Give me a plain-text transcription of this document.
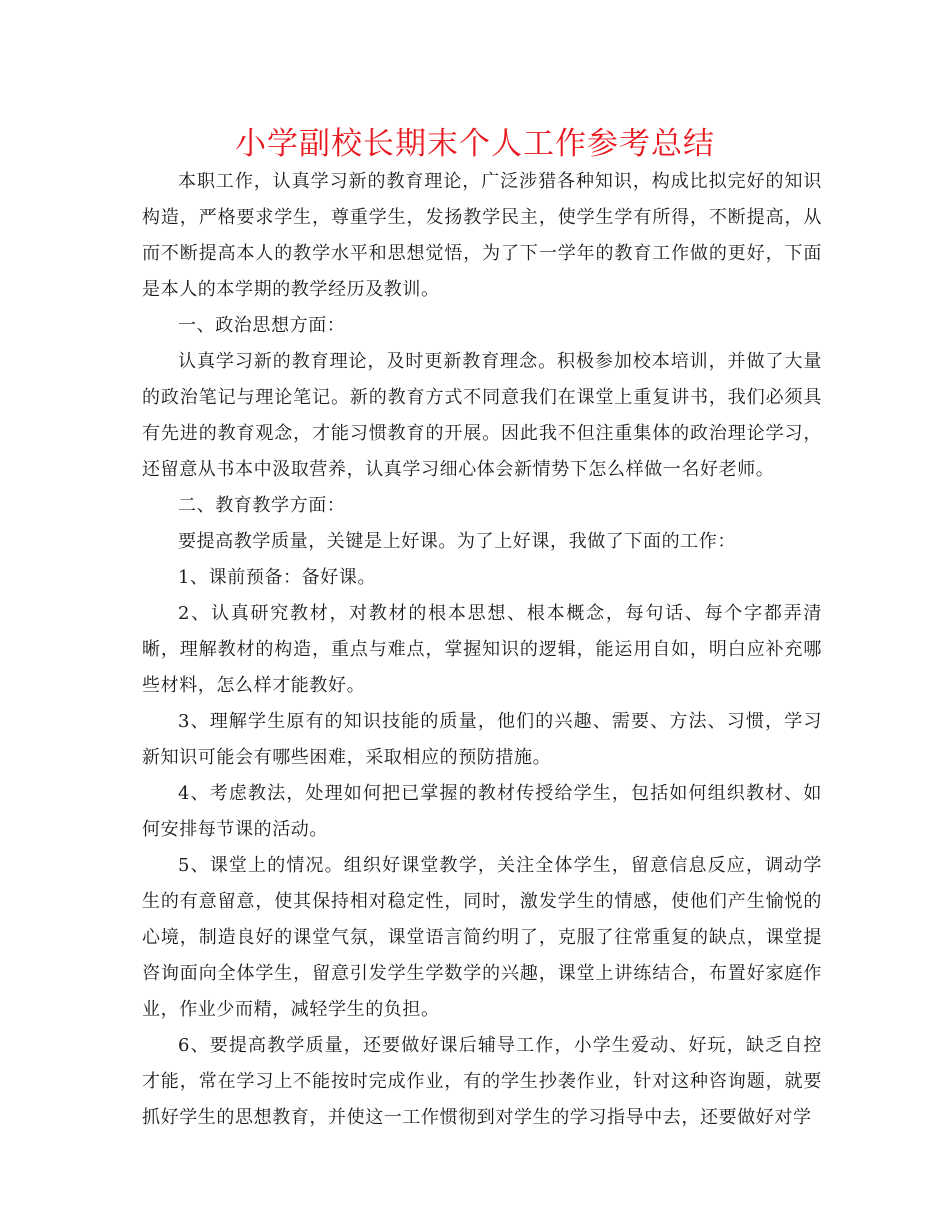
小学副校长期末个人工作参考总结

本职工作，认真学习新的教育理论，广泛涉猎各种知识，构成比拟完好的知识构造，严格要求学生，尊重学生，发扬教学民主，使学生学有所得，不断提高，从而不断提高本人的教学水平和思想觉悟，为了下一学年的教育工作做的更好，下面是本人的本学期的教学经历及教训。

一、政治思想方面：

认真学习新的教育理论，及时更新教育理念。积极参加校本培训，并做了大量的政治笔记与理论笔记。新的教育方式不同意我们在课堂上重复讲书，我们必须具有先进的教育观念，才能习惯教育的开展。因此我不但注重集体的政治理论学习，还留意从书本中汲取营养，认真学习细心体会新情势下怎么样做一名好老师。

二、教育教学方面：

要提高教学质量，关键是上好课。为了上好课，我做了下面的工作：

1、课前预备：备好课。

2、认真研究教材，对教材的根本思想、根本概念，每句话、每个字都弄清晰，理解教材的构造，重点与难点，掌握知识的逻辑，能运用自如，明白应补充哪些材料，怎么样才能教好。

3、理解学生原有的知识技能的质量，他们的兴趣、需要、方法、习惯，学习新知识可能会有哪些困难，采取相应的预防措施。

4、考虑教法，处理如何把已掌握的教材传授给学生，包括如何组织教材、如何安排每节课的活动。

5、课堂上的情况。组织好课堂教学，关注全体学生，留意信息反应，调动学生的有意留意，使其保持相对稳定性，同时，激发学生的情感，使他们产生愉悦的心境，制造良好的课堂气氛，课堂语言简约明了，克服了往常重复的缺点，课堂提咨询面向全体学生，留意引发学生学数学的兴趣，课堂上讲练结合，布置好家庭作业，作业少而精，减轻学生的负担。

6、要提高教学质量，还要做好课后辅导工作，小学生爱动、好玩，缺乏自控才能，常在学习上不能按时完成作业，有的学生抄袭作业，针对这种咨询题，就要抓好学生的思想教育，并使这一工作惯彻到对学生的学习指导中去，还要做好对学
